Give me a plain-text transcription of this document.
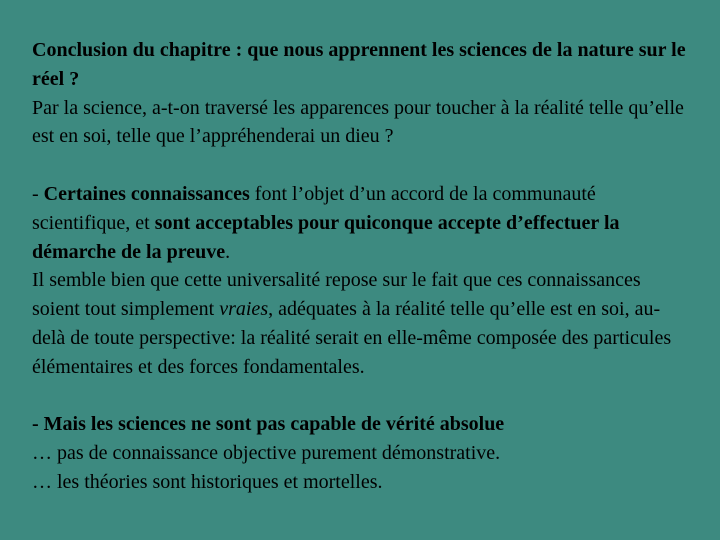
Conclusion du chapitre : que nous apprennent les sciences de la nature sur le réel ?

Par la science, a-t-on traversé les apparences pour toucher à la réalité telle qu’elle est en soi, telle que l’appréhenderai un dieu ?

- Certaines connaissances font l’objet d’un accord de la communauté scientifique, et sont acceptables pour quiconque accepte d’effectuer la démarche de la preuve.

Il semble bien que cette universalité repose sur le fait que ces connaissances soient tout simplement vraies, adéquates à la réalité telle qu’elle est en soi, au-delà de toute perspective: la réalité serait en elle-même composée des particules élémentaires et des forces fondamentales.

- Mais les sciences ne sont pas capable de vérité absolue

… pas de connaissance objective purement démonstrative.

… les théories sont historiques et mortelles.
